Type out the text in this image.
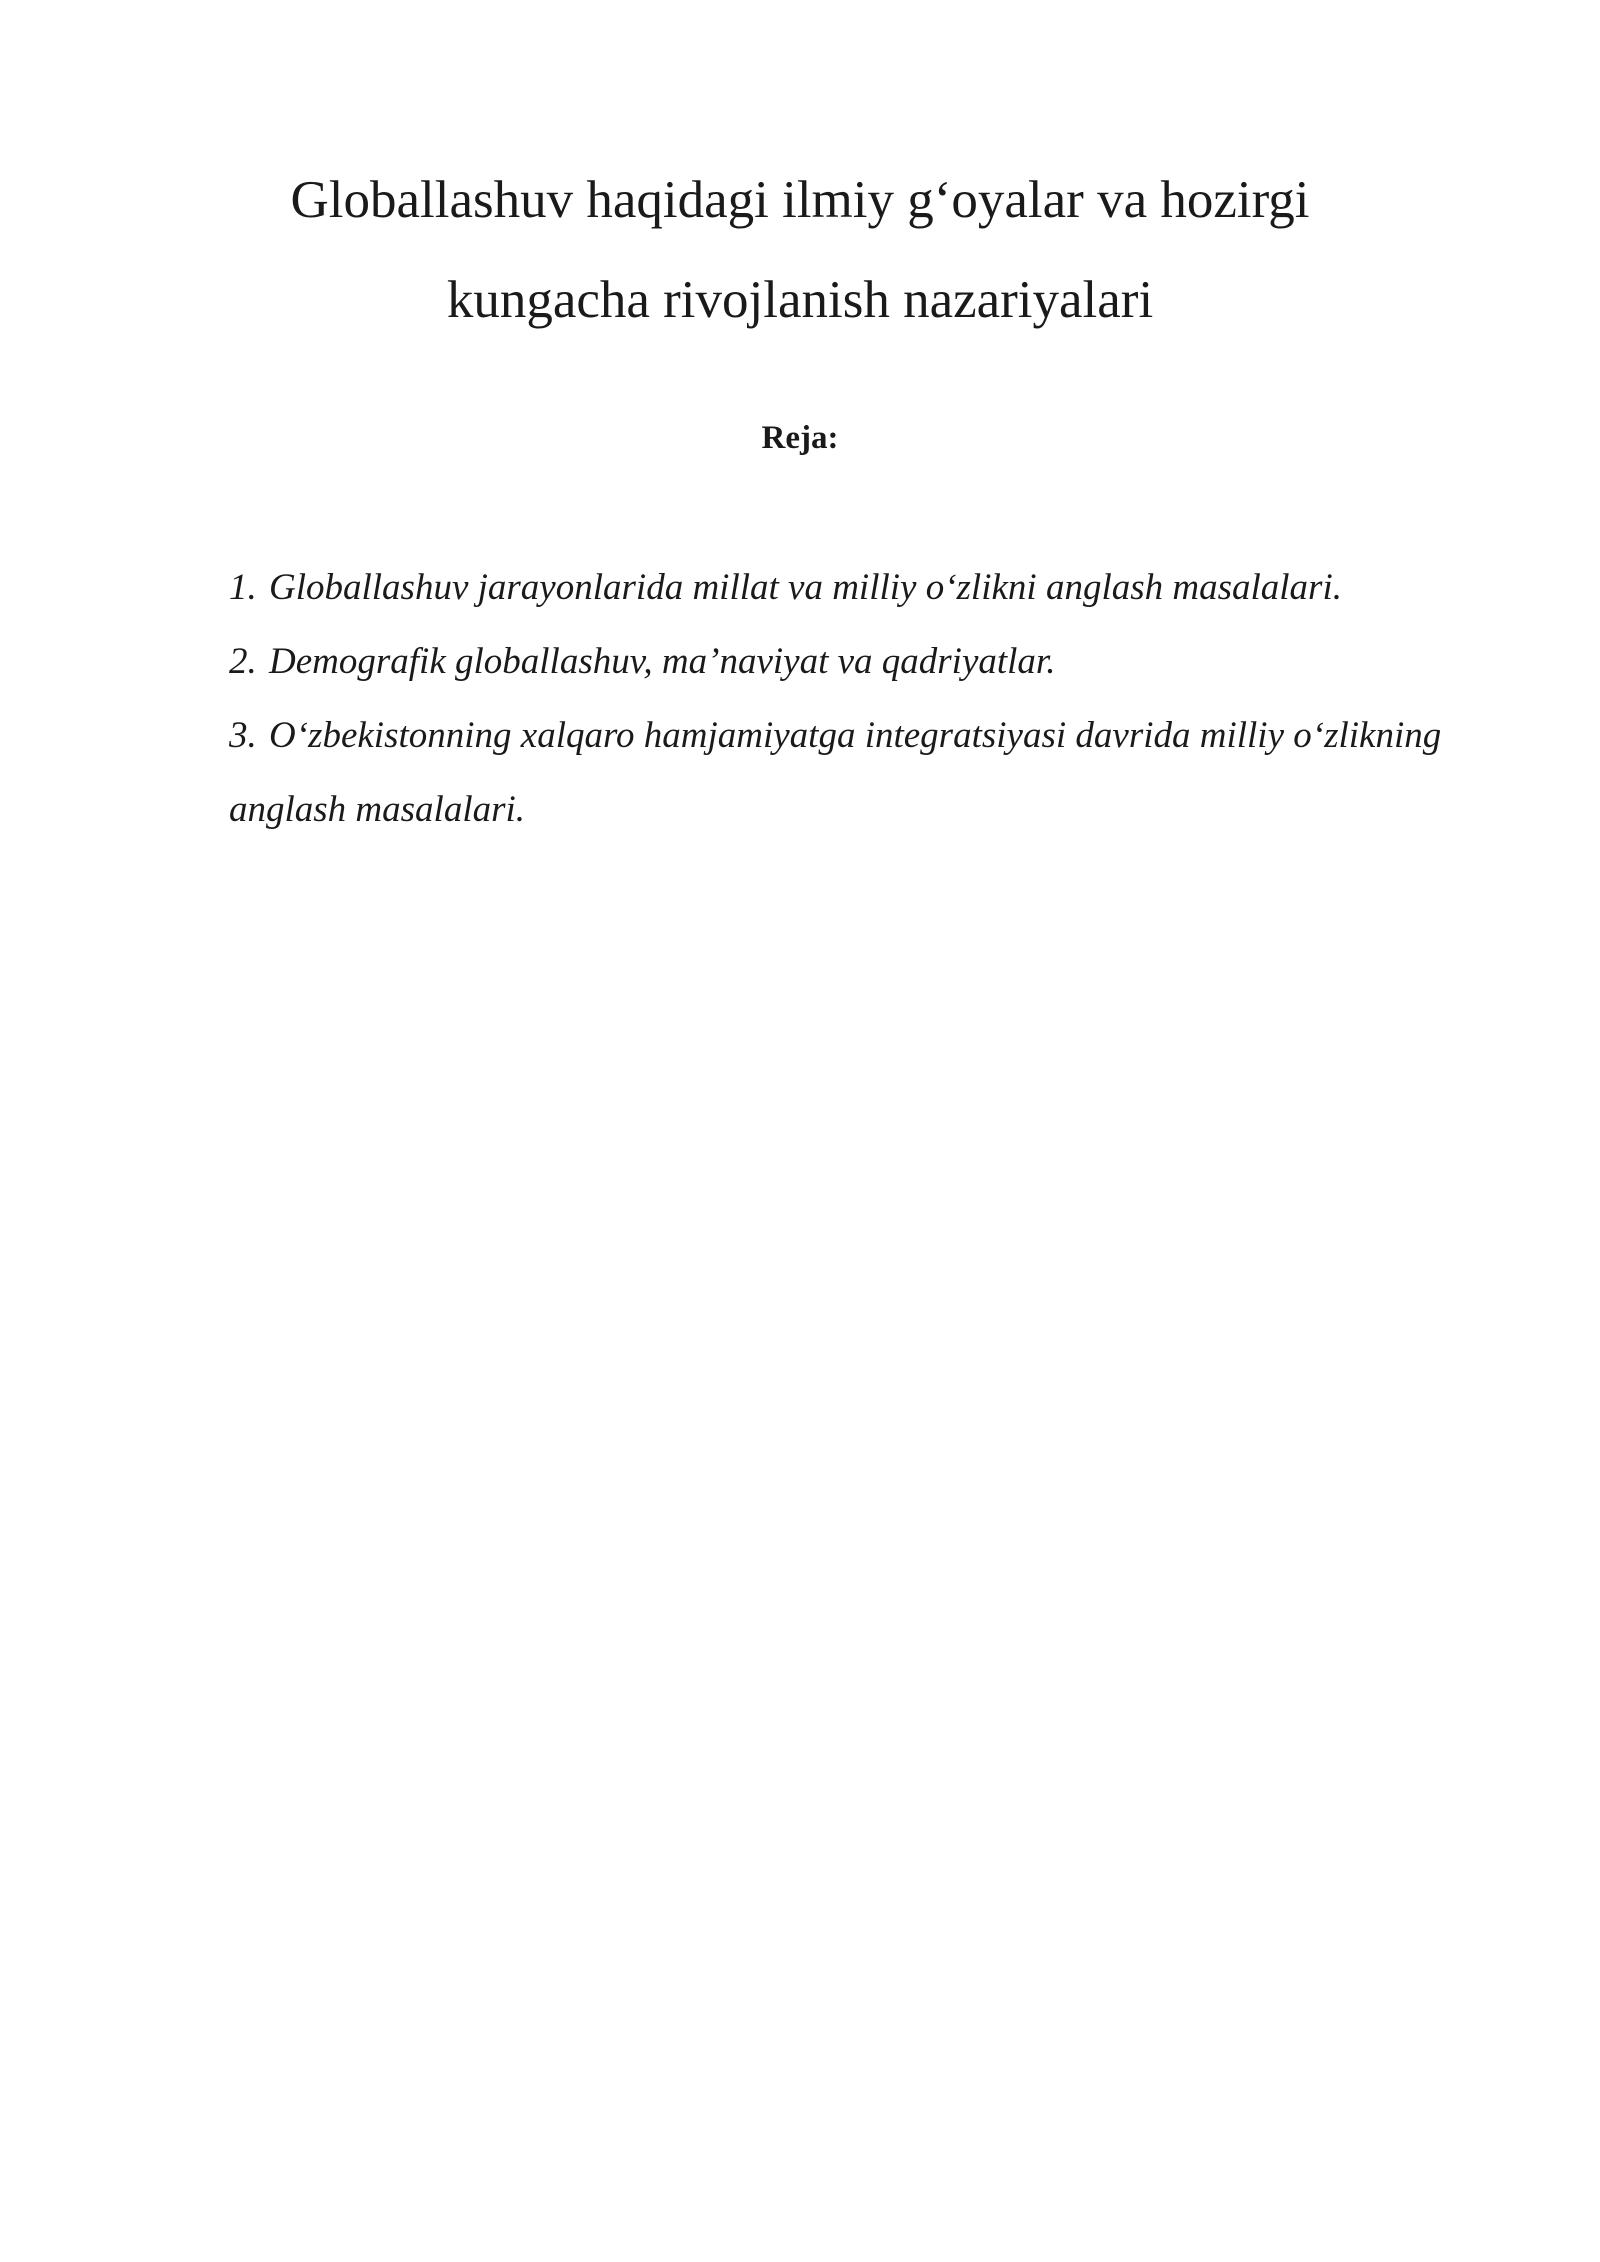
Globallashuv haqidagi ilmiy g‘oyalar va hozirgi
kungacha rivojlanish nazariyalari
Reja:

1. Globallashuv jarayonlarida millat va milliy o‘zlikni anglash masalalari.

2. Demografik globallashuv, ma’naviyat va qadriyatlar.

3. O‘zbekistonning xalqaro hamjamiyatga integratsiyasi davrida milliy o‘zlikning anglash masalalari.
